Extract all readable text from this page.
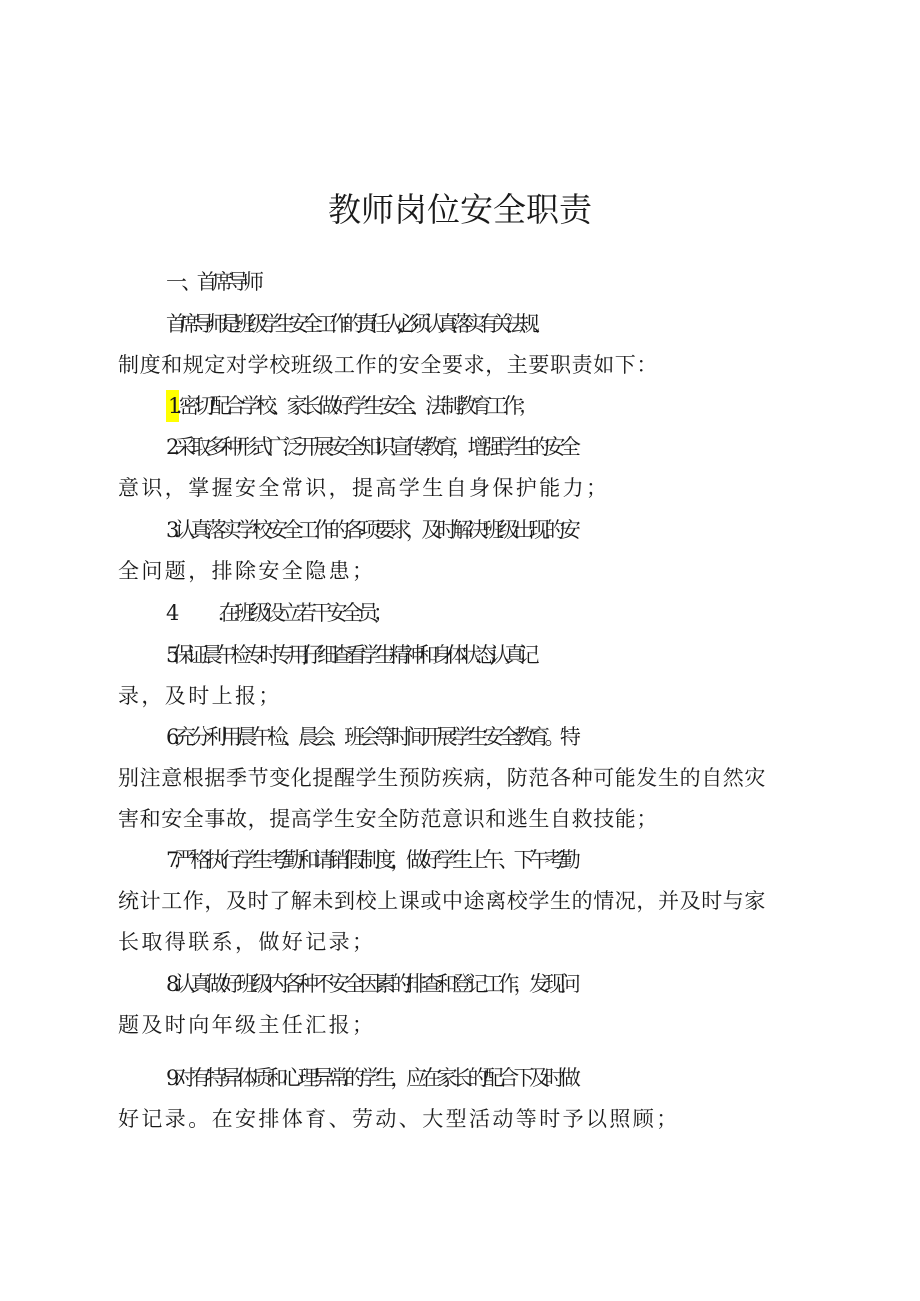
教师岗位安全职责
一、首席导师
首席导师是班级学生安全工作的责任人,必须认真落实有关法规、
制度和规定对学校班级工作的安全要求，主要职责如下：
1.密切配合学校、家长做好学生安全、法制教育工作；
2.采取多种形式广泛开展安全知识宣传教育，增强学生的安全
意识，掌握安全常识，提高学生自身保护能力；
3.认真落实学校安全工作的各项要求，及时解决班级出现的安
全问题，排除安全隐患；
4 .在班级设立若干安全员；
5.保证晨午检专时专用,仔细查看学生精神和身体状态,认真记
录，及时上报；
6.充分利用晨午检、晨会、班会等时间开展学生安全教育。特
别注意根据季节变化提醒学生预防疾病，防范各种可能发生的自然灾
害和安全事故，提高学生安全防范意识和逃生自救技能；
7.严格执行学生考勤和请销假制度，做好学生上午、下午考勤
统计工作，及时了解未到校上课或中途离校学生的情况，并及时与家
长取得联系，做好记录；
8.认真做好班级内各种不安全因素的排查和登记工作，发现问
题及时向年级主任汇报；
9.对有特异体质和心理异常的学生，应在家长的配合下及时做
好记录。在安排体育、劳动、大型活动等时予以照顾；
